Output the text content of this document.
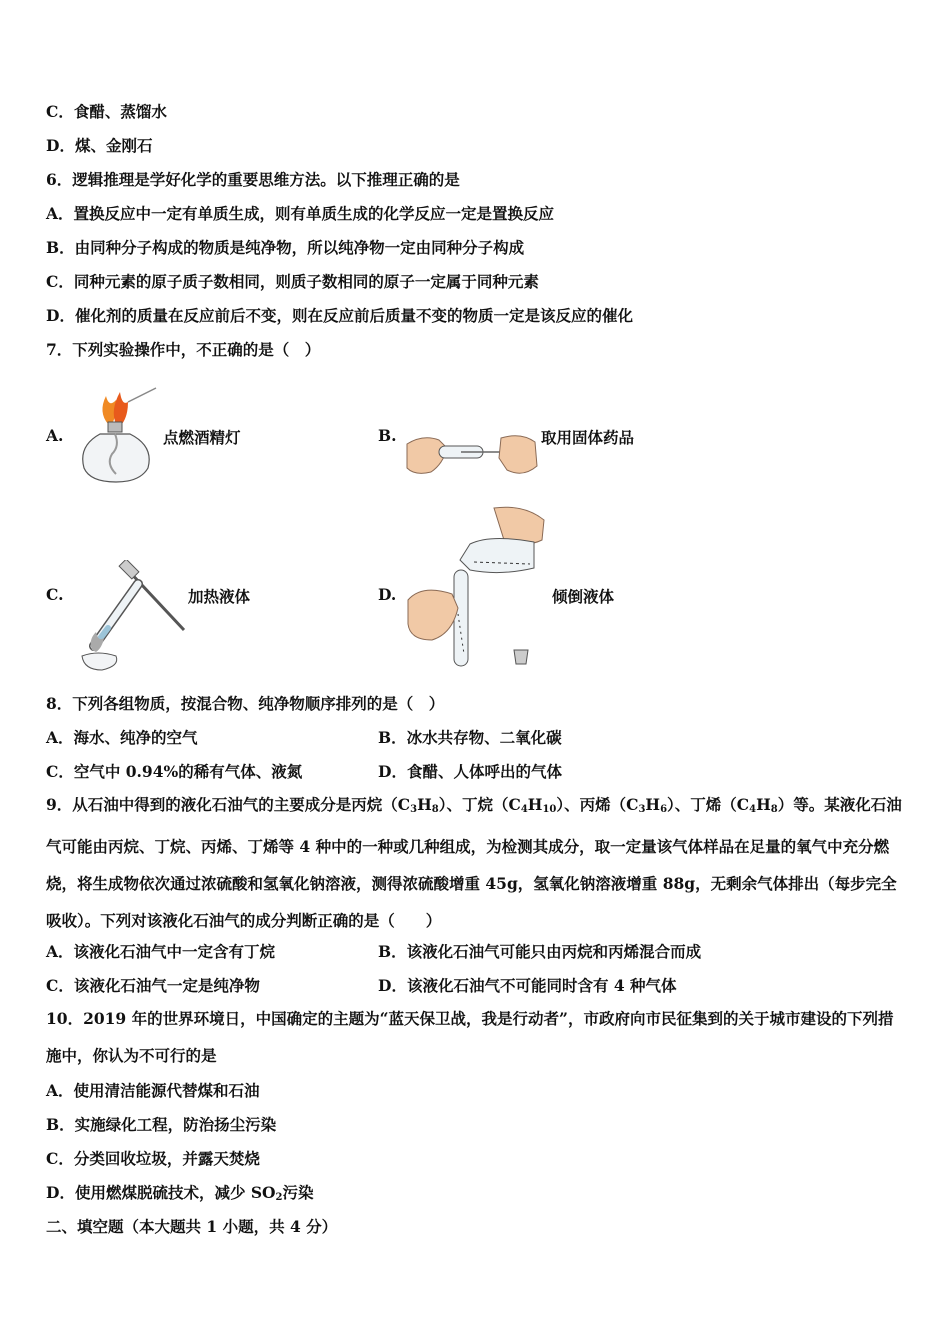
C．食醋、蒸馏水
D．煤、金刚石
6．逻辑推理是学好化学的重要思维方法。以下推理正确的是
A．置换反应中一定有单质生成，则有单质生成的化学反应一定是置换反应
B．由同种分子构成的物质是纯净物，所以纯净物一定由同种分子构成
C．同种元素的原子质子数相同，则质子数相同的原子一定属于同种元素
D．催化剂的质量在反应前后不变，则在反应前后质量不变的物质一定是该反应的催化
7．下列实验操作中，不正确的是（　）
A.	点燃酒精灯	B.	取用固体药品
C.	加热液体	D.	倾倒液体
8．下列各组物质，按混合物、纯净物顺序排列的是（　）
A．海水、纯净的空气	B．冰水共存物、二氧化碳
C．空气中 0.94%的稀有气体、液氮	D．食醋、人体呼出的气体
9．从石油中得到的液化石油气的主要成分是丙烷$(C_3H_8)$、丁烷$(C_4H_{10})$、丙烯$(C_3H_6)$、丁烯$(C_4H_8)$等。某液化石油气可能由丙烷、丁烷、丙烯、丁烯等 4 种中的一种或几种组成，为检测其成分，取一定量该气体样品在足量的氧气中充分燃烧，将生成物依次通过浓硫酸和氢氧化钠溶液，测得浓硫酸增重 45g，氢氧化钠溶液增重 88g，无剩余气体排出（每步完全吸收）。下列对该液化石油气的成分判断正确的是（　　）
A．该液化石油气中一定含有丁烷	B．该液化石油气可能只由丙烷和丙烯混合而成
C．该液化石油气一定是纯净物	D．该液化石油气不可能同时含有 4 种气体
10．2019 年的世界环境日，中国确定的主题为“蓝天保卫战，我是行动者”，市政府向市民征集到的关于城市建设的下列措施中，你认为不可行的是
A．使用清洁能源代替煤和石油
B．实施绿化工程，防治扬尘污染
C．分类回收垃圾，并露天焚烧
D．使用燃煤脱硫技术，减少 $SO_2$污染
二、填空题（本大题共 1 小题，共 4 分）
